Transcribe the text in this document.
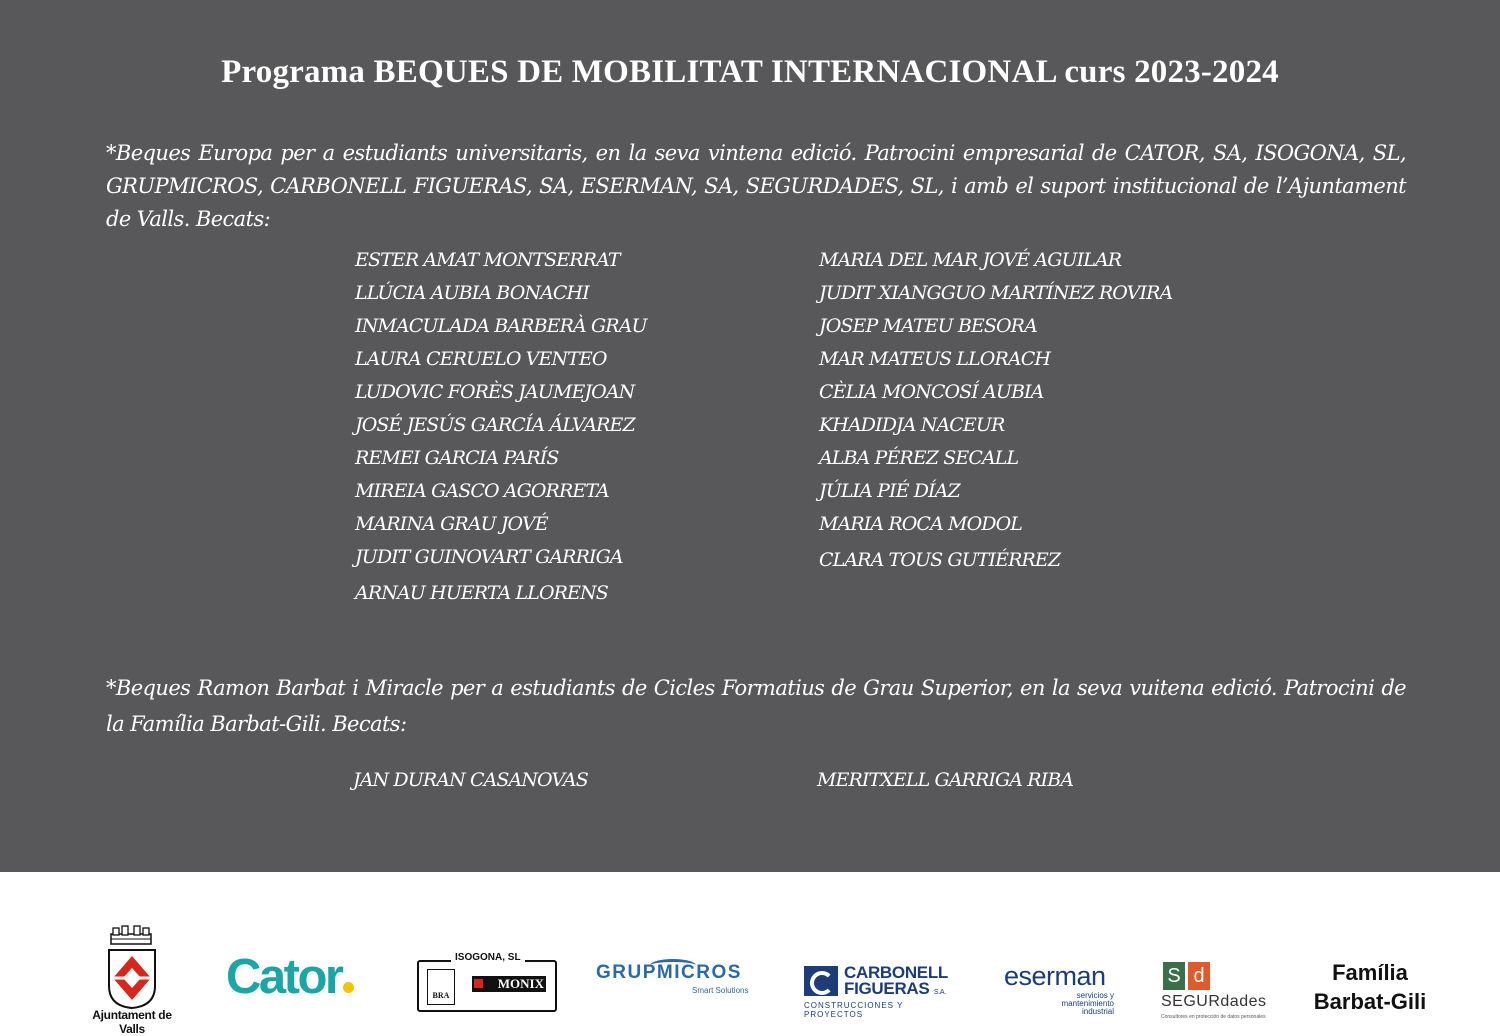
Programa BEQUES DE MOBILITAT INTERNACIONAL curs 2023-2024
*Beques Europa per a estudiants universitaris, en la seva vintena edició. Patrocini empresarial de CATOR, SA, ISOGONA, SL, GRUPMICROS, CARBONELL FIGUERAS, SA, ESERMAN, SA, SEGURDADES, SL, i amb el suport institucional de l’Ajuntament de Valls. Becats:
ESTER AMAT MONTSERRAT
LLÚCIA AUBIA BONACHI
INMACULADA BARBERÀ GRAU
LAURA CERUELO VENTEO
LUDOVIC FORÈS JAUMEJOAN
JOSÉ JESÚS GARCÍA ÁLVAREZ
REMEI GARCIA PARÍS
MIREIA GASCO AGORRETA
MARINA GRAU JOVÉ
JUDIT GUINOVART GARRIGA
ARNAU HUERTA LLORENS
MARIA DEL MAR JOVÉ AGUILAR
JUDIT XIANGGUO MARTÍNEZ ROVIRA
JOSEP MATEU BESORA
MAR MATEUS LLORACH
CÈLIA MONCOSÍ AUBIA
KHADIDJA NACEUR
ALBA PÉREZ SECALL
JÚLIA PIÉ DÍAZ
MARIA ROCA MODOL
CLARA TOUS GUTIÉRREZ
*Beques Ramon Barbat i Miracle per a estudiants de Cicles Formatius de Grau Superior, en la seva vuitena edició. Patrocini de la Família Barbat-Gili. Becats:
JAN DURAN CASANOVAS	MERITXELL GARRIGA RIBA
Ajuntament de Valls
Cator	ISOGONA, SL
BRA
MONIX
GRUPMICROS
Smart Solutions
CARBONELL
FIGUERAS S.A.
CONSTRUCCIONES Y PROYECTOS
eserman
servicios y
mantenimiento
industrial
S d
SEGURdades
Consultores en protección de datos personales
Família
Barbat-Gili
